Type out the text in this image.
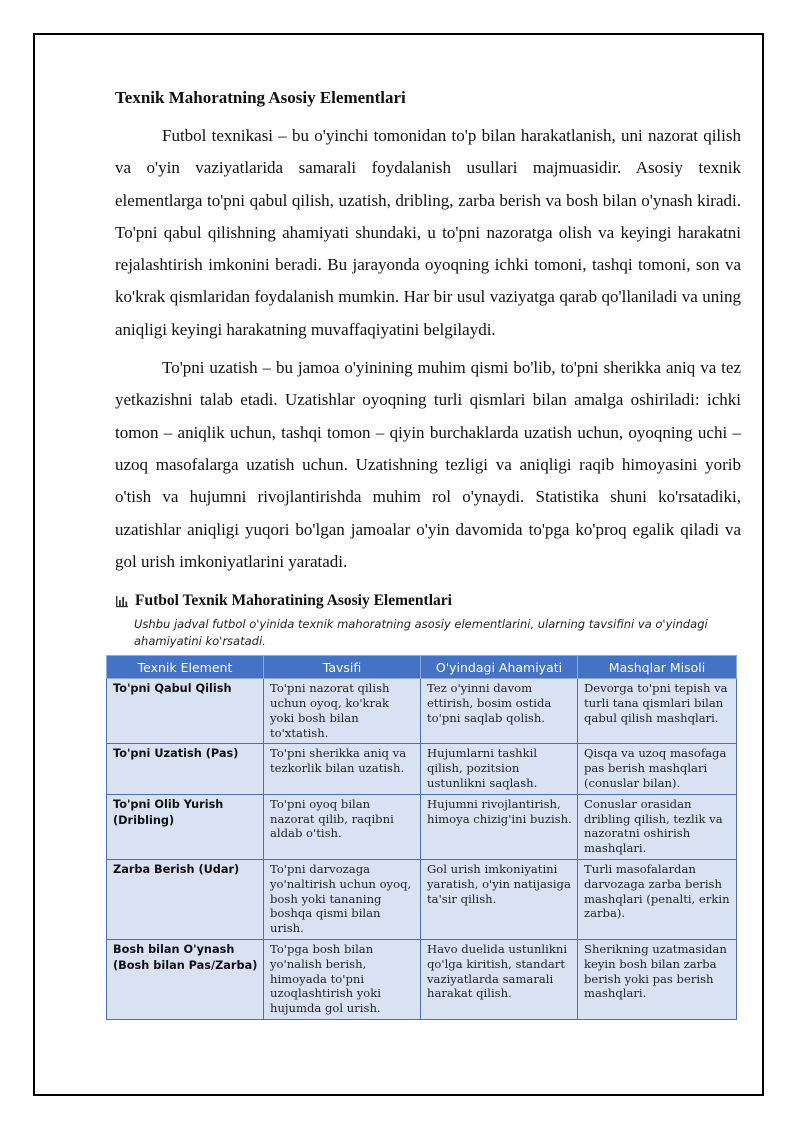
Texnik Mahoratning Asosiy Elementlari

Futbol texnikasi – bu o'yinchi tomonidan to'p bilan harakatlanish, uni nazorat qilish va o'yin vaziyatlarida samarali foydalanish usullari majmuasidir. Asosiy texnik elementlarga to'pni qabul qilish, uzatish, dribling, zarba berish va bosh bilan o'ynash kiradi. To'pni qabul qilishning ahamiyati shundaki, u to'pni nazoratga olish va keyingi harakatni rejalashtirish imkonini beradi. Bu jarayonda oyoqning ichki tomoni, tashqi tomoni, son va ko'krak qismlaridan foydalanish mumkin. Har bir usul vaziyatga qarab qo'llaniladi va uning aniqligi keyingi harakatning muvaffaqiyatini belgilaydi.

To'pni uzatish – bu jamoa o'yinining muhim qismi bo'lib, to'pni sherikka aniq va tez yetkazishni talab etadi. Uzatishlar oyoqning turli qismlari bilan amalga oshiriladi: ichki tomon – aniqlik uchun, tashqi tomon – qiyin burchaklarda uzatish uchun, oyoqning uchi – uzoq masofalarga uzatish uchun. Uzatishning tezligi va aniqligi raqib himoyasini yorib o'tish va hujumni rivojlantirishda muhim rol o'ynaydi. Statistika shuni ko'rsatadiki, uzatishlar aniqligi yuqori bo'lgan jamoalar o'yin davomida to'pga ko'proq egalik qiladi va gol urish imkoniyatlarini yaratadi.

Futbol Texnik Mahoratining Asosiy Elementlari
Ushbu jadval futbol o'yinida texnik mahoratning asosiy elementlarini, ularning tavsifini va o'yindagi ahamiyatini ko'rsatadi.
Texnik Element	Tavsifi	O'yindagi Ahamiyati	Mashqlar Misoli
To'pni Qabul Qilish	To'pni nazorat qilish uchun oyoq, ko'krak yoki bosh bilan to'xtatish.	Tez o'yinni davom ettirish, bosim ostida to'pni saqlab qolish.	Devorga to'pni tepish va turli tana qismlari bilan qabul qilish mashqlari.
To'pni Uzatish (Pas)	To'pni sherikka aniq va tezkorlik bilan uzatish.	Hujumlarni tashkil qilish, pozitsion ustunlikni saqlash.	Qisqa va uzoq masofaga pas berish mashqlari (conuslar bilan).
To'pni Olib Yurish (Dribling)	To'pni oyoq bilan nazorat qilib, raqibni aldab o'tish.	Hujumni rivojlantirish, himoya chizig'ini buzish.	Conuslar orasidan dribling qilish, tezlik va nazoratni oshirish mashqlari.
Zarba Berish (Udar)	To'pni darvozaga yo'naltirish uchun oyoq, bosh yoki tananing boshqa qismi bilan urish.	Gol urish imkoniyatini yaratish, o'yin natijasiga ta'sir qilish.	Turli masofalardan darvozaga zarba berish mashqlari (penalti, erkin zarba).
Bosh bilan O'ynash (Bosh bilan Pas/Zarba)	To'pga bosh bilan yo'nalish berish, himoyada to'pni uzoqlashtirish yoki hujumda gol urish.	Havo duelida ustunlikni qo'lga kiritish, standart vaziyatlarda samarali harakat qilish.	Sherikning uzatmasidan keyin bosh bilan zarba berish yoki pas berish mashqlari.
